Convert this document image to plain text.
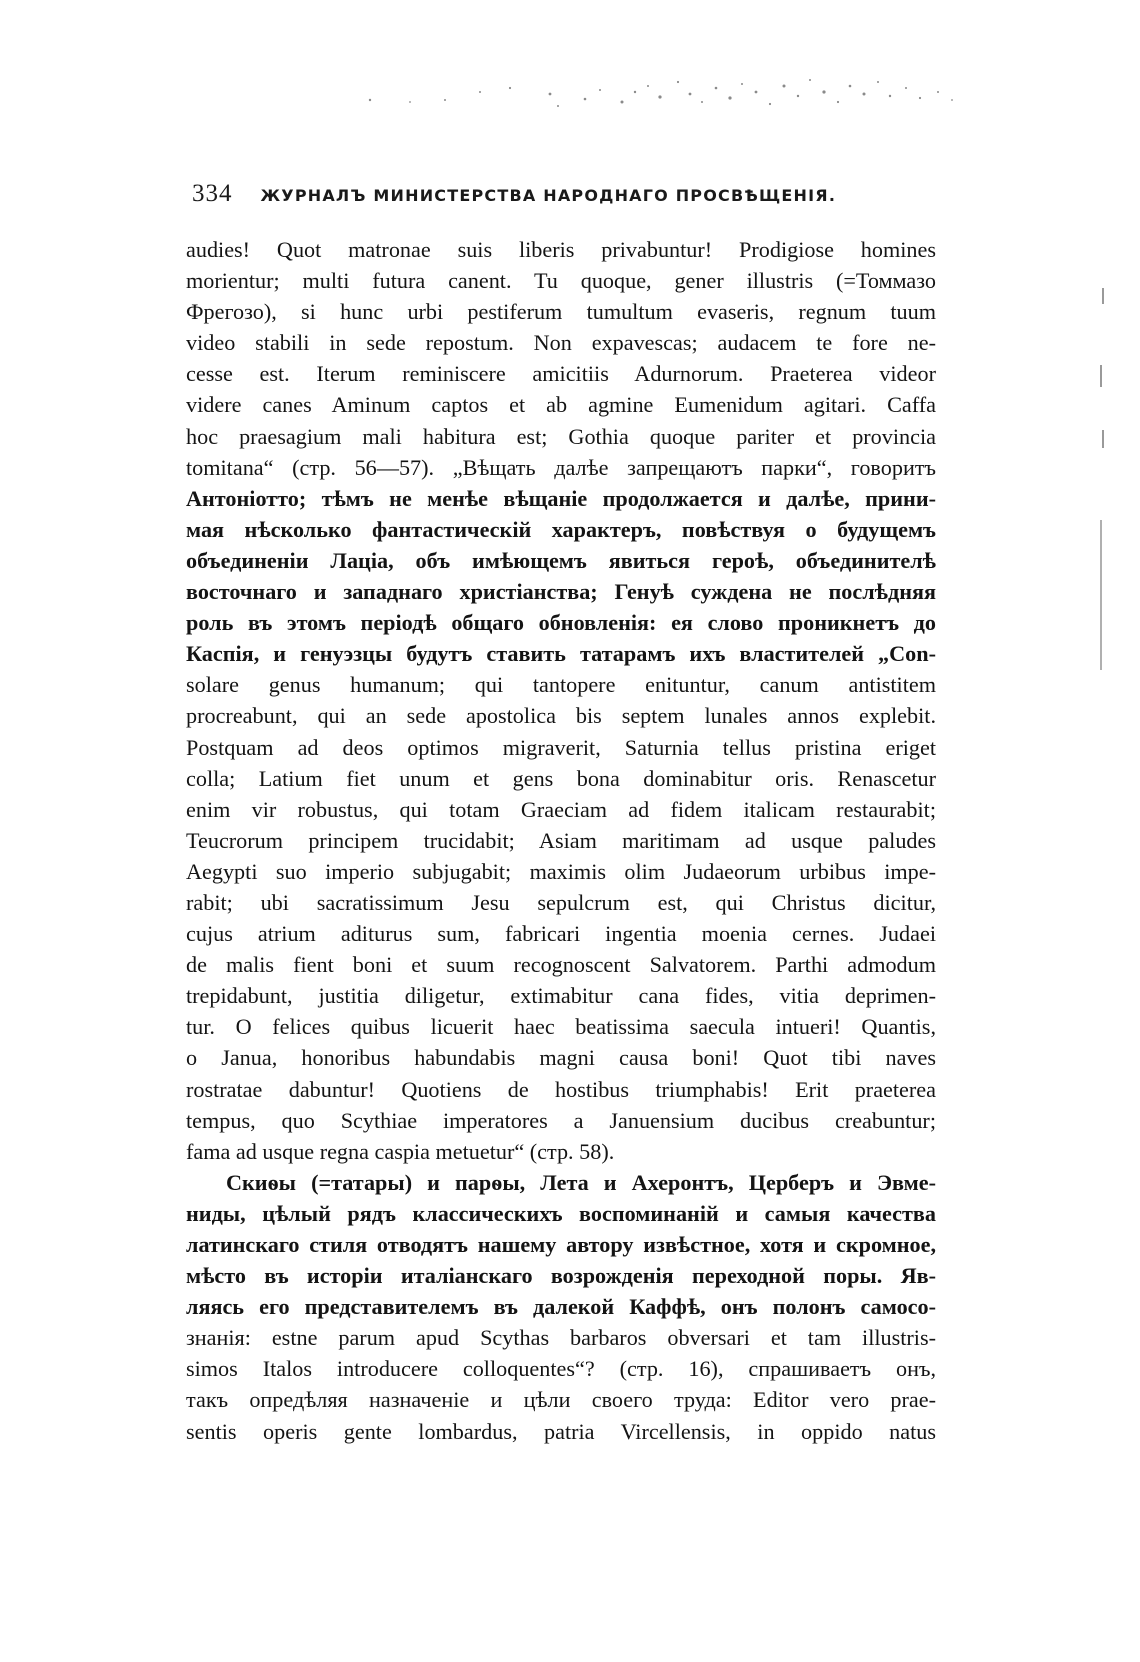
334 ЖУРНАЛЪ МИНИСТЕРСТВА НАРОДНАГО ПРОСВѢЩЕНІЯ.
audies! Quot matronae suis liberis privabuntur! Prodigiose homines
morientur; multi futura canent. Tu quoque, gener illustris (=Томмазо
Фрегозо), si hunc urbi pestiferum tumultum evaseris, regnum tuum
video stabili in sede repostum. Non expavescas; audacem te fore ne-
cesse est. Iterum reminiscere amicitiis Adurnorum. Praeterea videor
videre canes Aminum captos et ab agmine Eumenidum agitari. Caffa
hoc praesagium mali habitura est; Gothia quoque pariter et provincia
tomitana“ (стр. 56—57). „Вѣщать далѣе запрещаютъ парки“, говоритъ
Антоніотто; тѣмъ не менѣе вѣщаніе продолжается и далѣе, прини-
мая нѣсколько фантастическій характеръ, повѣствуя о будущемъ
объединеніи Лаціа, объ имѣющемъ явиться героѣ, объединителѣ
восточнаго и западнаго христіанства; Генуѣ суждена не послѣдняя
роль въ этомъ періодѣ общаго обновленія: ея слово проникнетъ до
Каспія, и генуэзцы будутъ ставить татарамъ ихъ властителей „Con-
solare genus humanum; qui tantopere enituntur, canum antistitem
procreabunt, qui an sede apostolica bis septem lunales annos explebit.
Postquam ad deos optimos migraverit, Saturnia tellus pristina eriget
colla; Latium fiet unum et gens bona dominabitur oris. Renascetur
enim vir robustus, qui totam Graeciam ad fidem italicam restaurabit;
Teucrorum principem trucidabit; Asiam maritimam ad usque paludes
Aegypti suo imperio subjugabit; maximis olim Judaeorum urbibus impe-
rabit; ubi sacratissimum Jesu sepulcrum est, qui Christus dicitur,
cujus atrium aditurus sum, fabricari ingentia moenia cernes. Judaei
de malis fient boni et suum recognoscent Salvatorem. Parthi admodum
trepidabunt, justitia diligetur, extimabitur cana fides, vitia deprimen-
tur. O felices quibus licuerit haec beatissima saecula intueri! Quantis,
o Janua, honoribus habundabis magni causa boni! Quot tibi naves
rostratae dabuntur! Quotiens de hostibus triumphabis! Erit praeterea
tempus, quo Scythiae imperatores a Januensium ducibus creabuntur;
fama ad usque regna caspia metuetur“ (стр. 58).
Скиѳы (=татары) и парѳы, Лета и Ахеронтъ, Церберъ и Эвме-
ниды, цѣлый рядъ классическихъ воспоминаній и самыя качества
латинскаго стиля отводятъ нашему автору извѣстное, хотя и скромное,
мѣсто въ исторіи италіанскаго возрожденія переходной поры. Яв-
ляясь его представителемъ въ далекой Каффѣ, онъ полонъ самосо-
знанія: estne parum apud Scythas barbaros obversari et tam illustris-
simos Italos introducere colloquentes“? (стр. 16), спрашиваетъ онъ,
такъ опредѣляя назначеніе и цѣли своего труда: Editor vero prae-
sentis operis gente lombardus, patria Vircellensis, in oppido natus
